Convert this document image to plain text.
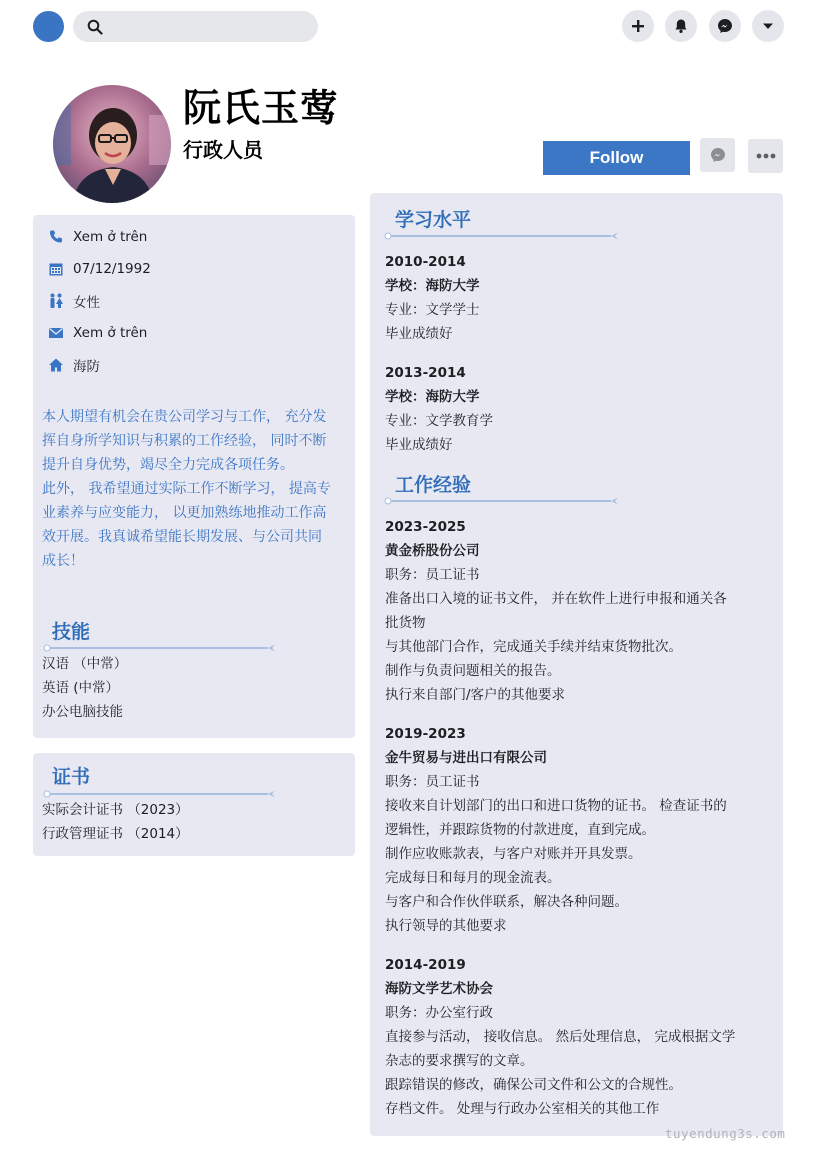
阮氏玉莺
行政人员	Follow
Xem ở trên
07/12/1992
女性
Xem ở trên
海防

本人期望有机会在贵公司学习与工作， 充分发挥自身所学知识与积累的工作经验， 同时不断提升自身优势，竭尽全力完成各项任务。

此外， 我希望通过实际工作不断学习， 提高专业素养与应变能力， 以更加熟练地推动工作高效开展。我真诚希望能长期发展、与公司共同成长！

技能
汉语 （中常）
英语 (中常）
办公电脑技能
证书
实际会计证书 （2023）
行政管理证书 （2014）
学习水平
2010-2014
学校：海防大学
专业：文学学士
毕业成绩好
2013-2014
学校：海防大学
专业：文学教育学
毕业成绩好
工作经验
2023-2025
黄金桥股份公司
职务：员工证书
准备出口入境的证书文件， 并在软件上进行申报和通关各批货物
与其他部门合作，完成通关手续并结束货物批次。
制作与负责问题相关的报告。
执行来自部门/客户的其他要求
2019-2023
金牛贸易与进出口有限公司
职务：员工证书
接收来自计划部门的出口和进口货物的证书。 检查证书的逻辑性，并跟踪货物的付款进度，直到完成。
制作应收账款表，与客户对账并开具发票。
完成每日和每月的现金流表。
与客户和合作伙伴联系，解决各种问题。
执行领导的其他要求
2014-2019
海防文学艺术协会
职务：办公室行政
直接参与活动， 接收信息。 然后处理信息， 完成根据文学杂志的要求撰写的文章。
跟踪错误的修改，确保公司文件和公文的合规性。
存档文件。 处理与行政办公室相关的其他工作
tuyendung3s.com
